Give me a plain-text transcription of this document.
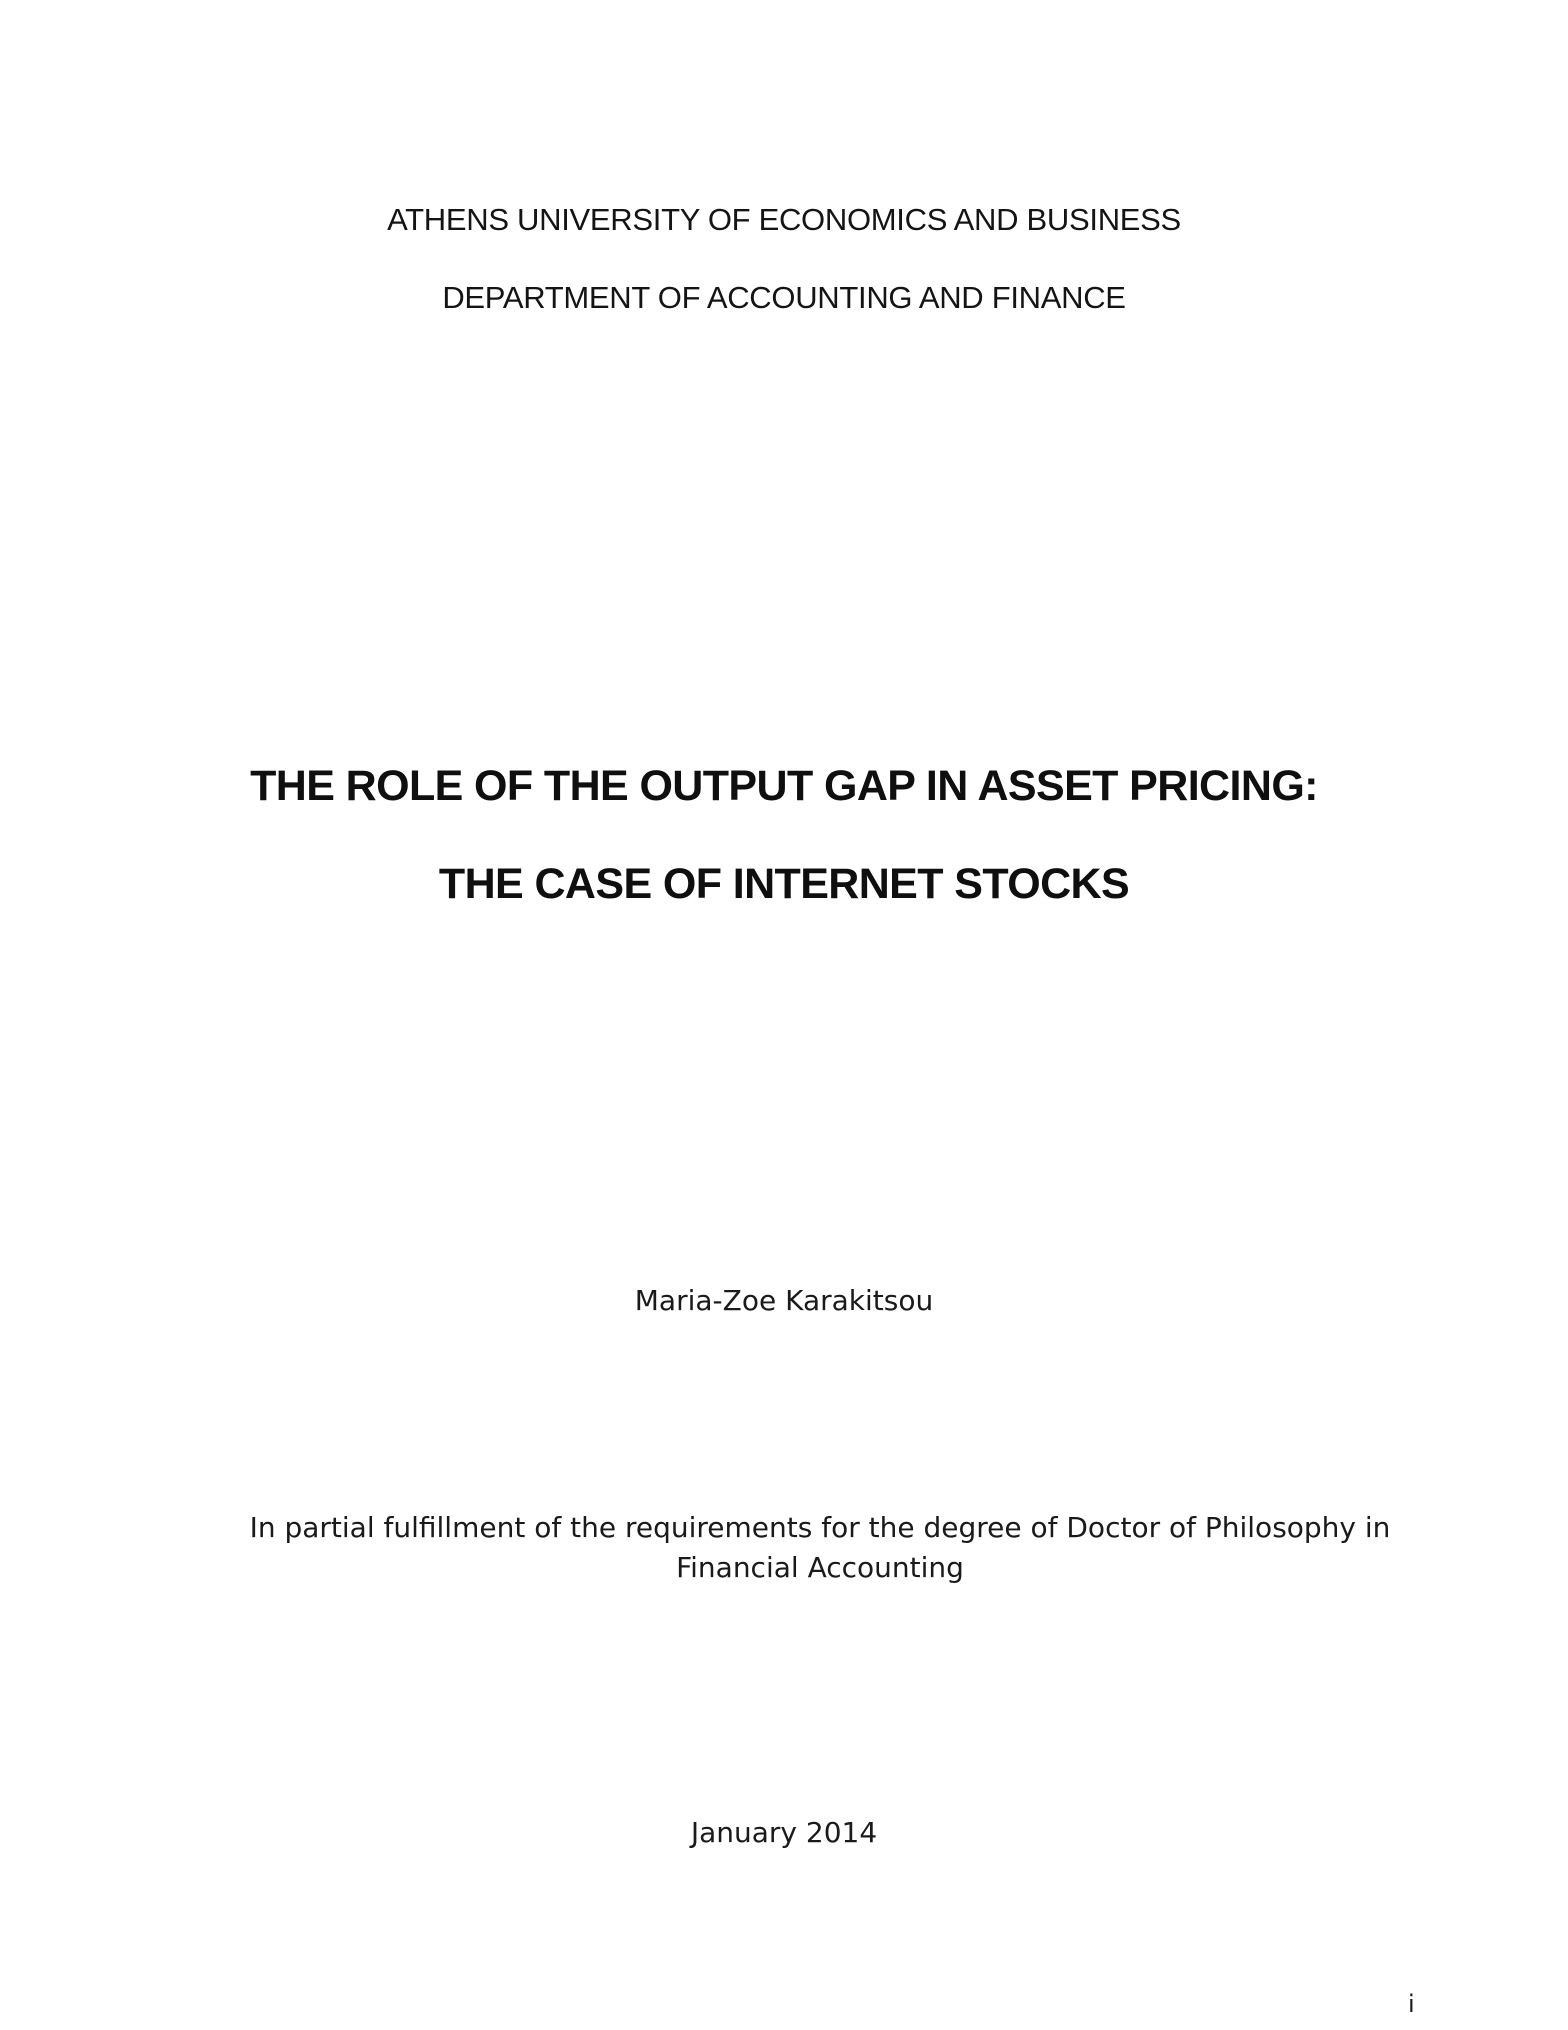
ATHENS UNIVERSITY OF ECONOMICS AND BUSINESS
DEPARTMENT OF ACCOUNTING AND FINANCE
THE ROLE OF THE OUTPUT GAP IN ASSET PRICING:
THE CASE OF INTERNET STOCKS
Maria-Zoe Karakitsou
In partial fulfillment of the requirements for the degree of Doctor of Philosophy in
Financial Accounting
January 2014
i
